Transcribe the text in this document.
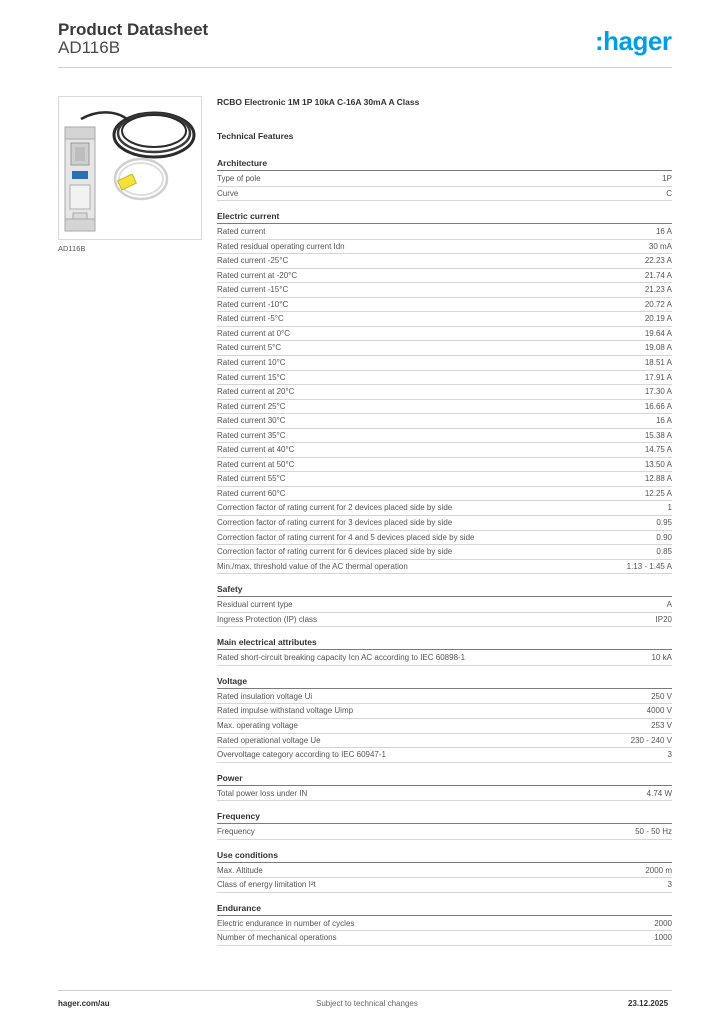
Product Datasheet
AD116B	:hager
AD116B
RCBO Electronic 1M 1P 10kA C-16A 30mA A Class
Technical Features
Architecture
Type of pole	1P
Curve	C
Electric current
Rated current	16 A
Rated residual operating current Idn	30 mA
Rated current -25°C	22.23 A
Rated current at -20°C	21.74 A
Rated current -15°C	21.23 A
Rated current -10°C	20.72 A
Rated current -5°C	20.19 A
Rated current at 0°C	19.64 A
Rated current 5°C	19.08 A
Rated current 10°C	18.51 A
Rated current 15°C	17.91 A
Rated current at 20°C	17.30 A
Rated current 25°C	16.66 A
Rated current 30°C	16 A
Rated current 35°C	15.38 A
Rated current at 40°C	14.75 A
Rated current at 50°C	13.50 A
Rated current 55°C	12.88 A
Rated current 60°C	12.25 A
Correction factor of rating current for 2 devices placed side by side	1
Correction factor of rating current for 3 devices placed side by side	0.95
Correction factor of rating current for 4 and 5 devices placed side by side	0.90
Correction factor of rating current for 6 devices placed side by side	0.85
Min./max. threshold value of the AC thermal operation	1.13 - 1.45 A
Safety
Residual current type	A
Ingress Protection (IP) class	IP20
Main electrical attributes
Rated short-circuit breaking capacity Icn AC according to IEC 60898-1	10 kA
Voltage
Rated insulation voltage Ui	250 V
Rated impulse withstand voltage Uimp	4000 V
Max. operating voltage	253 V
Rated operational voltage Ue	230 - 240 V
Overvoltage category according to IEC 60947-1	3
Power
Total power loss under IN	4.74 W
Frequency
Frequency	50 - 50 Hz
Use conditions
Max. Altitude	2000 m
Class of energy limitation I²t	3
Endurance
Electric endurance in number of cycles	2000
Number of mechanical operations	1000
hager.com/au	Subject to technical changes	23.12.2025
